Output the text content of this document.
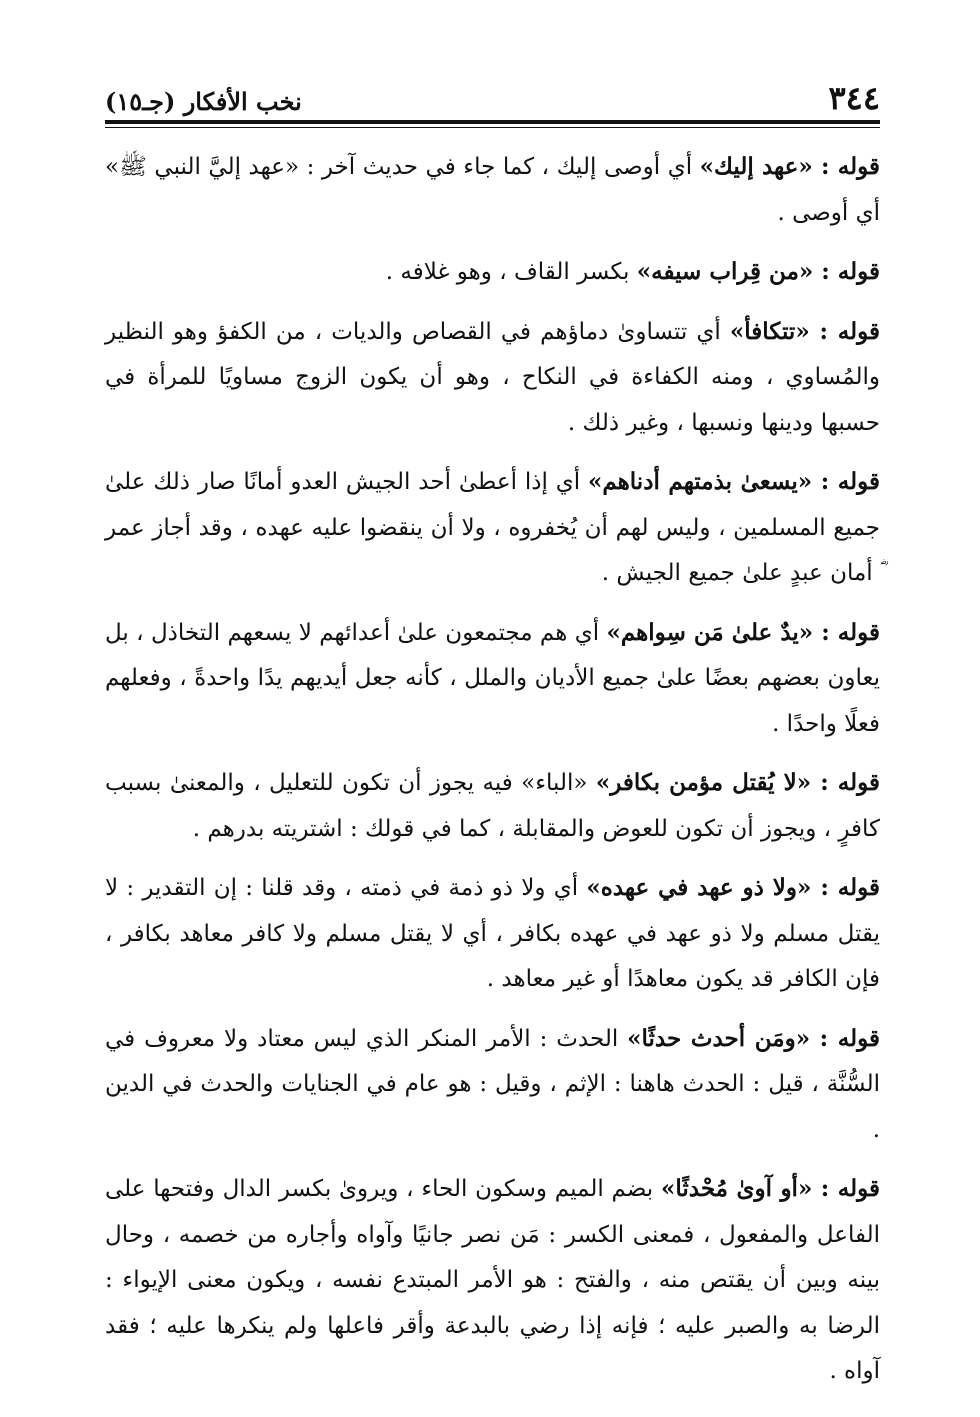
٣٤٤
نخب الأفكار (جـ١٥)

قوله : «عهد إليك» أي أوصى إليك ، كما جاء في حديث آخر : «عهد إليَّ النبي ﷺ» أي أوصى .

قوله : «من قِراب سيفه» بكسر القاف ، وهو غلافه .

قوله : «تتكافأ» أي تتساوىٰ دماؤهم في القصاص والديات ، من الكفؤ وهو النظير والمُساوي ، ومنه الكفاءة في النكاح ، وهو أن يكون الزوج مساويًا للمرأة في حسبها ودينها ونسبها ، وغير ذلك .

قوله : «يسعىٰ بذمتهم أدناهم» أي إذا أعطىٰ أحد الجيش العدو أمانًا صار ذلك علىٰ جميع المسلمين ، وليس لهم أن يُخفروه ، ولا أن ينقضوا عليه عهده ، وقد أجاز عمر ؓ أمان عبدٍ علىٰ جميع الجيش .

قوله : «يدٌ علىٰ مَن سِواهم» أي هم مجتمعون علىٰ أعدائهم لا يسعهم التخاذل ، بل يعاون بعضهم بعضًا علىٰ جميع الأديان والملل ، كأنه جعل أيديهم يدًا واحدةً ، وفعلهم فعلًا واحدًا .

قوله : «لا يُقتل مؤمن بكافر» «الباء» فيه يجوز أن تكون للتعليل ، والمعنىٰ بسبب كافرٍ ، ويجوز أن تكون للعوض والمقابلة ، كما في قولك : اشتريته بدرهم .

قوله : «ولا ذو عهد في عهده» أي ولا ذو ذمة في ذمته ، وقد قلنا : إن التقدير : لا يقتل مسلم ولا ذو عهد في عهده بكافر ، أي لا يقتل مسلم ولا كافر معاهد بكافر ، فإن الكافر قد يكون معاهدًا أو غير معاهد .

قوله : «ومَن أحدث حدثًا» الحدث : الأمر المنكر الذي ليس معتاد ولا معروف في السُّنَّة ، قيل : الحدث هاهنا : الإثم ، وقيل : هو عام في الجنايات والحدث في الدين .

قوله : «أو آوىٰ مُحْدثًا» بضم الميم وسكون الحاء ، ويروىٰ بكسر الدال وفتحها على الفاعل والمفعول ، فمعنى الكسر : مَن نصر جانيًا وآواه وأجاره من خصمه ، وحال بينه وبين أن يقتص منه ، والفتح : هو الأمر المبتدع نفسه ، ويكون معنى الإيواء : الرضا به والصبر عليه ؛ فإنه إذا رضي بالبدعة وأقر فاعلها ولم ينكرها عليه ؛ فقد آواه .
